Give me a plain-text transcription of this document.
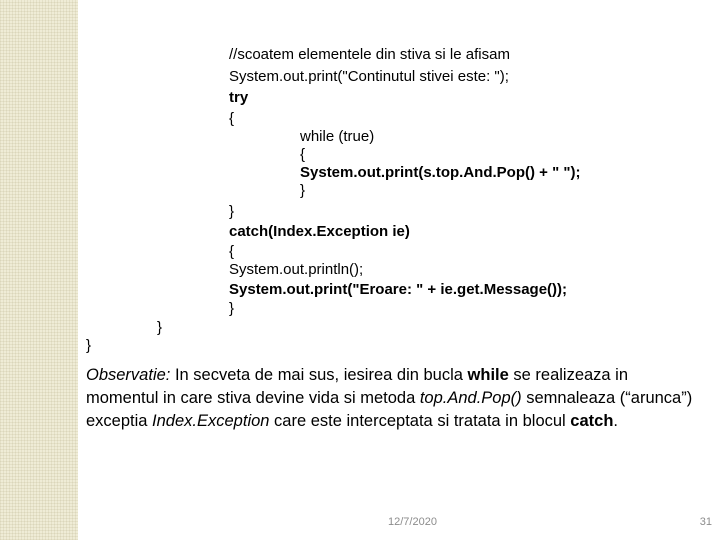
//scoatem elementele din stiva si le afisam
System.out.print("Continutul stivei este: ");
try
{
while (true)
{
System.out.print(s.top.And.Pop() + " ");
}
}
catch(Index.Exception ie)
{
System.out.println();
System.out.print("Eroare: " + ie.get.Message());
}
}
}
Observatie: In secveta de mai sus, iesirea din bucla while se realizeaza in momentul in care stiva devine vida si metoda top.And.Pop() semnaleaza (“arunca”) exceptia Index.Exception care este interceptata si tratata in blocul catch.
12/7/2020	31
